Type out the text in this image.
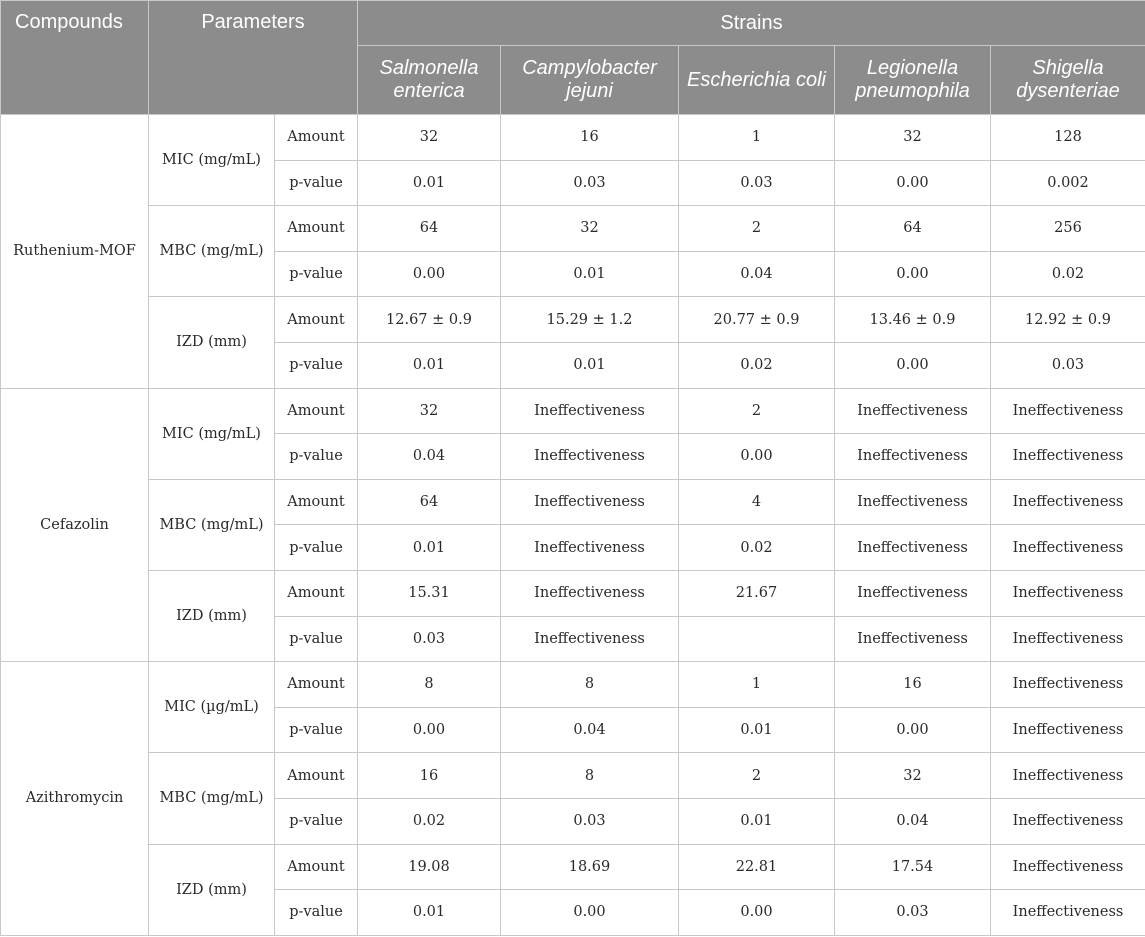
Compounds	Parameters		Strains				
			Salmonella enterica	Campylobacter jejuni	Escherichia coli	Legionella pneumophila	Shigella dysenteriae
Ruthenium-MOF	MIC (mg/mL)	Amount	32	16	1	32	128
		p-value	0.01	0.03	0.03	0.00	0.002
	MBC (mg/mL)	Amount	64	32	2	64	256
		p-value	0.00	0.01	0.04	0.00	0.02
	IZD (mm)	Amount	12.67 ± 0.9	15.29 ± 1.2	20.77 ± 0.9	13.46 ± 0.9	12.92 ± 0.9
		p-value	0.01	0.01	0.02	0.00	0.03
Cefazolin	MIC (mg/mL)	Amount	32	Ineffectiveness	2	Ineffectiveness	Ineffectiveness
		p-value	0.04	Ineffectiveness	0.00	Ineffectiveness	Ineffectiveness
	MBC (mg/mL)	Amount	64	Ineffectiveness	4	Ineffectiveness	Ineffectiveness
		p-value	0.01	Ineffectiveness	0.02	Ineffectiveness	Ineffectiveness
	IZD (mm)	Amount	15.31	Ineffectiveness	21.67	Ineffectiveness	Ineffectiveness
		p-value	0.03	Ineffectiveness		Ineffectiveness	Ineffectiveness
Azithromycin	MIC (µg/mL)	Amount	8	8	1	16	Ineffectiveness
		p-value	0.00	0.04	0.01	0.00	Ineffectiveness
	MBC (mg/mL)	Amount	16	8	2	32	Ineffectiveness
		p-value	0.02	0.03	0.01	0.04	Ineffectiveness
	IZD (mm)	Amount	19.08	18.69	22.81	17.54	Ineffectiveness
		p-value	0.01	0.00	0.00	0.03	Ineffectiveness
